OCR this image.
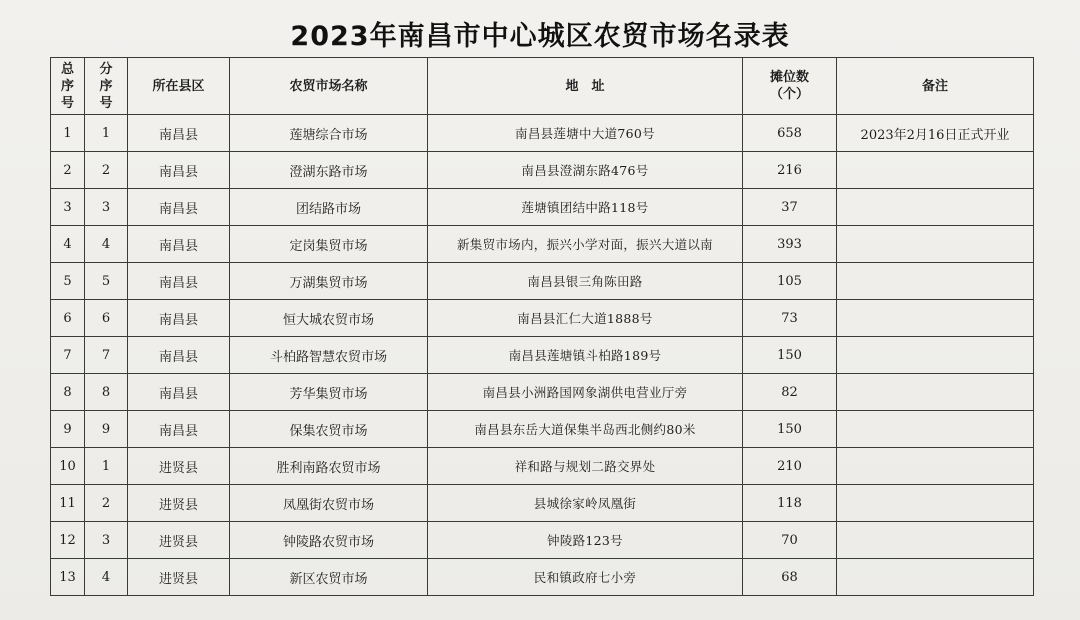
2023年南昌市中心城区农贸市场名录表
总
序
号	分
序
号	所在县区	农贸市场名称	地　址	摊位数
（个）	备注
1	1	南昌县	莲塘综合市场	南昌县莲塘中大道760号	658	2023年2月16日正式开业
2	2	南昌县	澄湖东路市场	南昌县澄湖东路476号	216	
3	3	南昌县	团结路市场	莲塘镇团结中路118号	37	
4	4	南昌县	定岗集贸市场	新集贸市场内，振兴小学对面，振兴大道以南	393	
5	5	南昌县	万湖集贸市场	南昌县银三角陈田路	105	
6	6	南昌县	恒大城农贸市场	南昌县汇仁大道1888号	73	
7	7	南昌县	斗柏路智慧农贸市场	南昌县莲塘镇斗柏路189号	150	
8	8	南昌县	芳华集贸市场	南昌县小洲路国网象湖供电营业厅旁	82	
9	9	南昌县	保集农贸市场	南昌县东岳大道保集半岛西北侧约80米	150	
10	1	进贤县	胜利南路农贸市场	祥和路与规划二路交界处	210	
11	2	进贤县	凤凰街农贸市场	县城徐家岭凤凰街	118	
12	3	进贤县	钟陵路农贸市场	钟陵路123号	70	
13	4	进贤县	新区农贸市场	民和镇政府七小旁	68	
